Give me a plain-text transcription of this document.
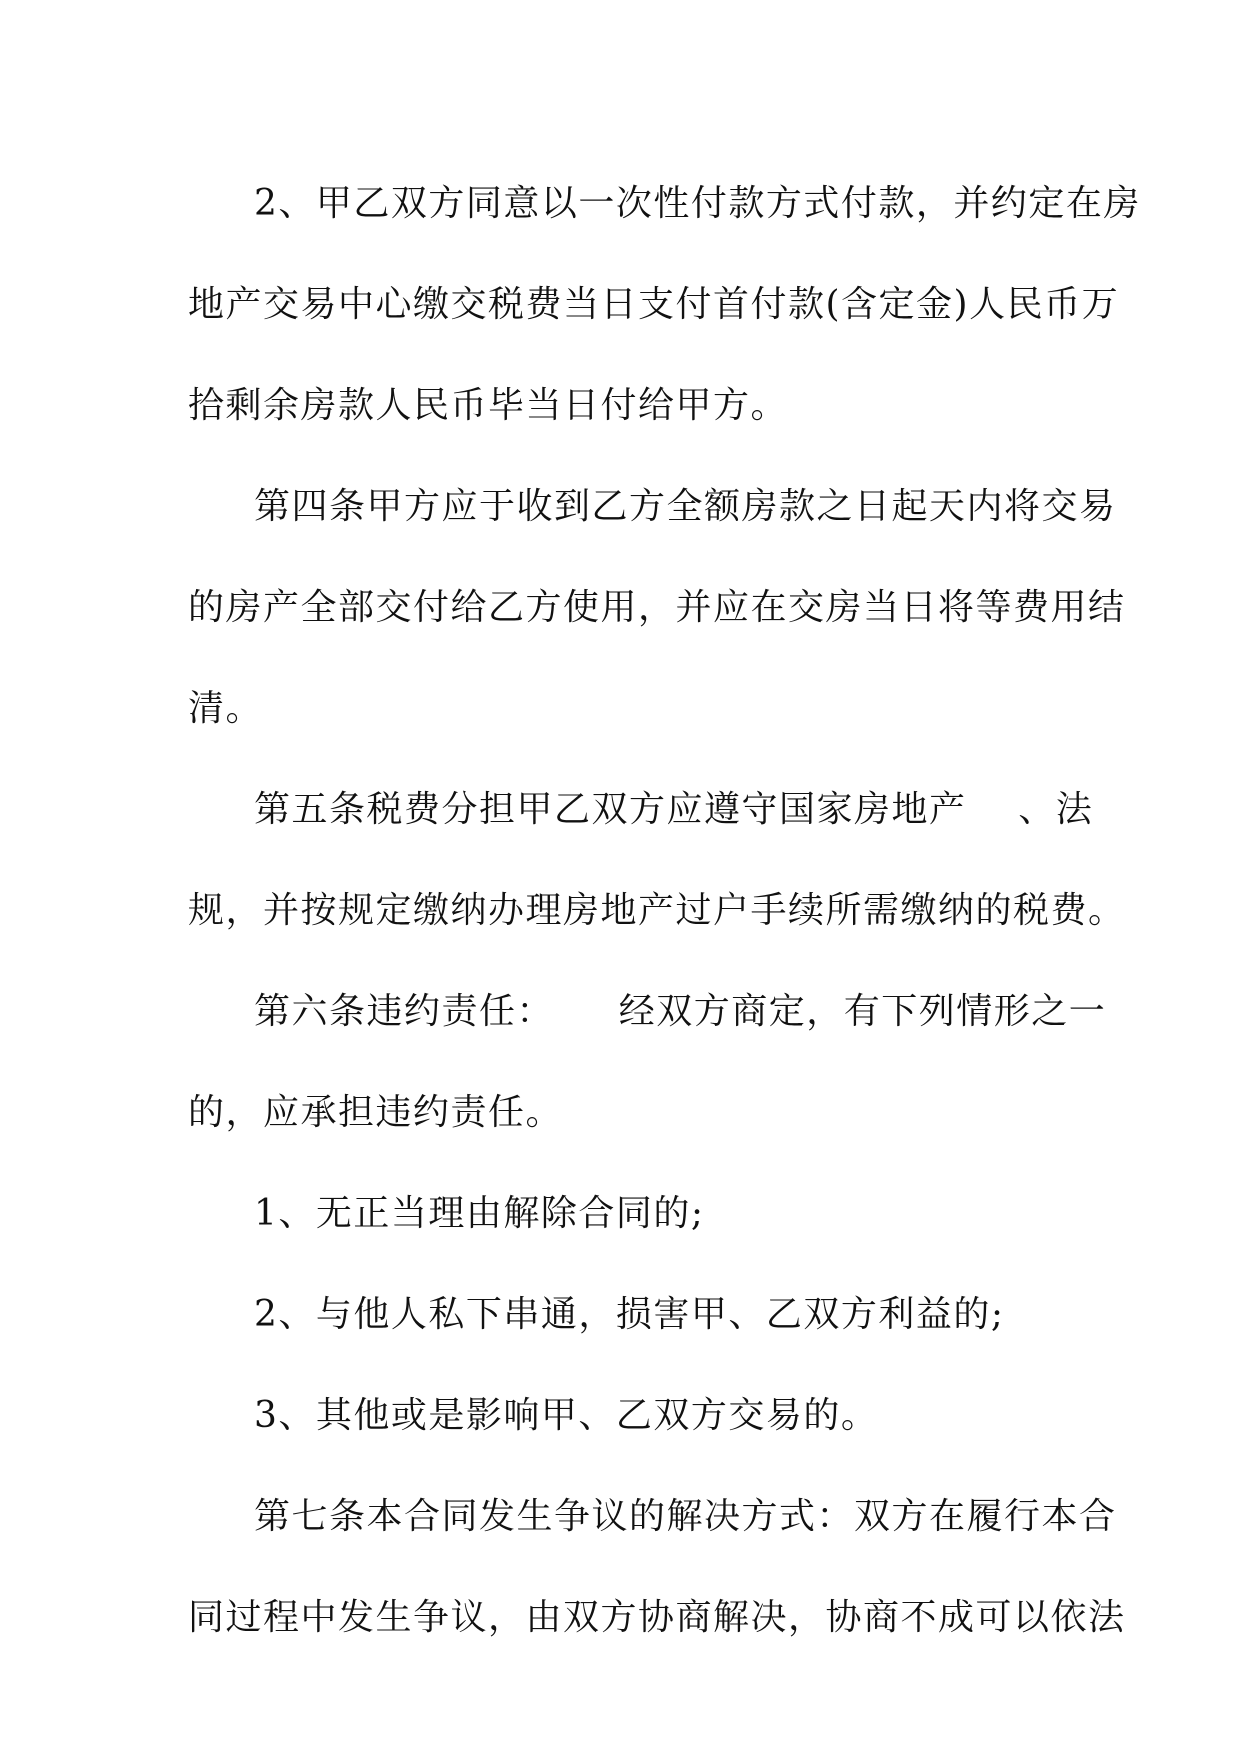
2、甲乙双方同意以一次性付款方式付款，并约定在房
地产交易中心缴交税费当日支付首付款(含定金)人民币万
拾剩余房款人民币毕当日付给甲方。
第四条甲方应于收到乙方全额房款之日起天内将交易
的房产全部交付给乙方使用，并应在交房当日将等费用结
清。
第五条税费分担甲乙双方应遵守国家房地产    、法
规，并按规定缴纳办理房地产过户手续所需缴纳的税费。
第六条违约责任：     经双方商定，有下列情形之一
的，应承担违约责任。
1、无正当理由解除合同的;
2、与他人私下串通，损害甲、乙双方利益的;
3、其他或是影响甲、乙双方交易的。
第七条本合同发生争议的解决方式：双方在履行本合
同过程中发生争议，由双方协商解决，协商不成可以依法
